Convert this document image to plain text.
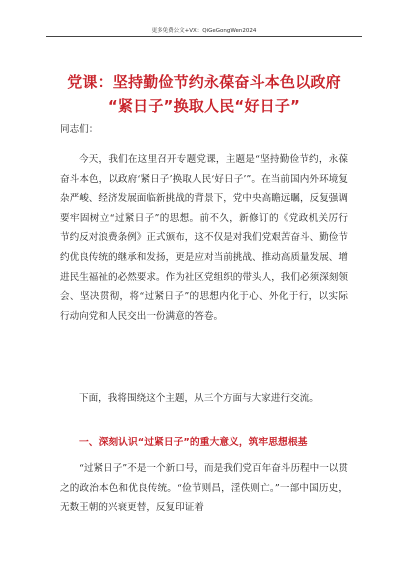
更多免费公文+VX：QiGeGongWen2024
党课：坚持勤俭节约永葆奋斗本色以政府
“紧日子”换取人民“好日子”
同志们：
今天，我们在这里召开专题党课，主题是“坚持勤俭节约，永葆奋斗本色，以政府‘紧日子’换取人民‘好日子’”。在当前国内外环境复杂严峻、经济发展面临新挑战的背景下，党中央高瞻远瞩，反复强调要牢固树立“过紧日子”的思想。前不久，新修订的《党政机关厉行节约反对浪费条例》正式颁布，这不仅是对我们党艰苦奋斗、勤俭节约优良传统的继承和发扬，更是应对当前挑战、推动高质量发展、增进民生福祉的必然要求。作为社区党组织的带头人，我们必须深刻领会、坚决贯彻，将“过紧日子”的思想内化于心、外化于行，以实际行动向党和人民交出一份满意的答卷。
下面，我将围绕这个主题，从三个方面与大家进行交流。
一、深刻认识“过紧日子”的重大意义，筑牢思想根基
“过紧日子”不是一个新口号，而是我们党百年奋斗历程中一以贯之的政治本色和优良传统。“俭节则昌，淫佚则亡。”一部中国历史，无数王朝的兴衰更替，反复印证着
